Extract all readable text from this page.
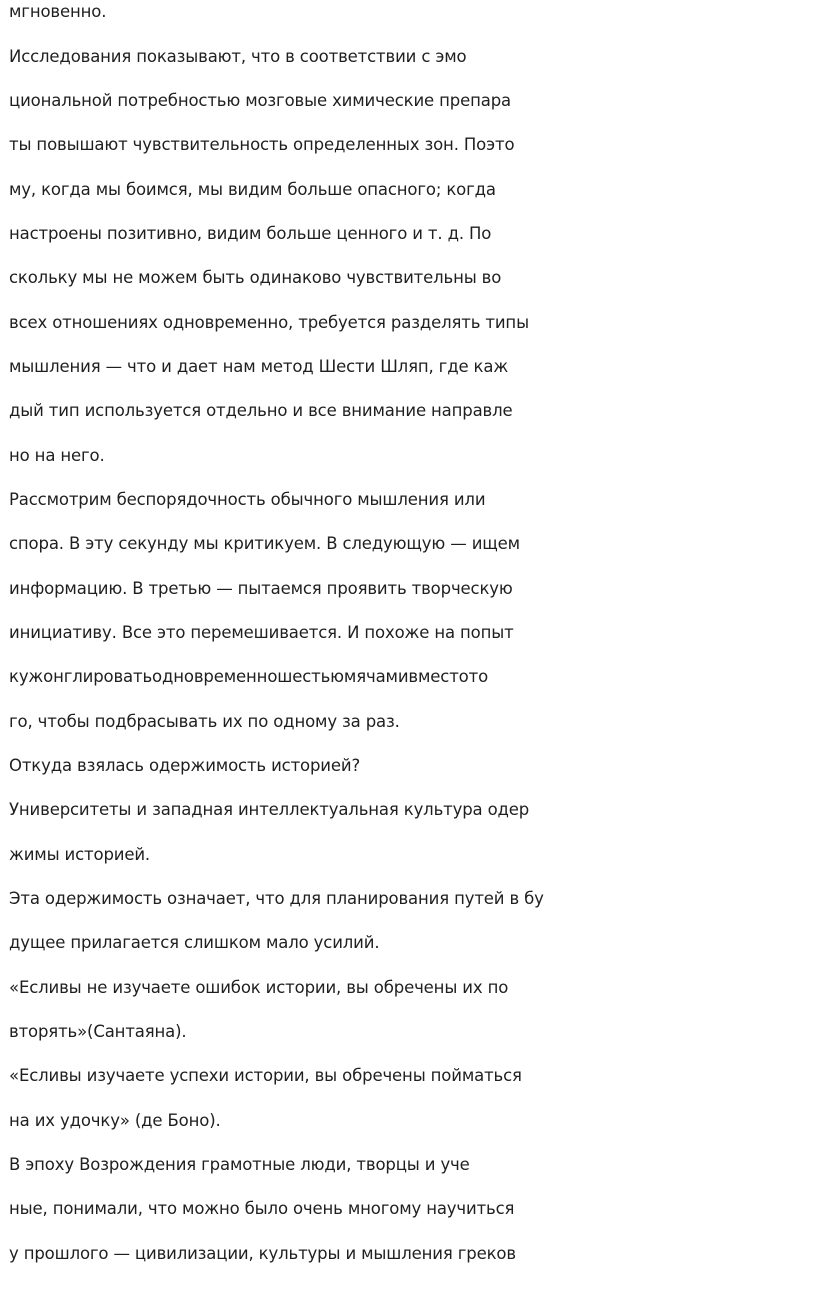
мгновенно.

Исследования показывают, что в соответствии с эмо

циональной потребностью мозговые химические препара

ты повышают чувствительность определенных зон. Поэто

му, когда мы боимся, мы видим больше опасного; когда

настроены позитивно, видим больше ценного и т. д. По

скольку мы не можем быть одинаково чувствительны во

всех отношениях одновременно, требуется разделять типы

мышления — что и дает нам метод Шести Шляп, где каж

дый тип используется отдельно и все внимание направле

но на него.

Рассмотрим беспорядочность обычного мышления или

спора. В эту секунду мы критикуем. В следующую — ищем

информацию. В третью — пытаемся проявить творческую

инициативу. Все это перемешивается. И похоже на попыт

кужонглироватьодновременношестьюмячамивместото

го, чтобы подбрасывать их по одному за раз.

Откуда взялась одержимость историей?

Университеты и западная интеллектуальная культура одер

жимы историей.

Эта одержимость означает, что для планирования путей в бу

дущее прилагается слишком мало усилий.

«Есливы не изучаете ошибок истории, вы обречены их по

вторять»(Сантаяна).

«Есливы изучаете успехи истории, вы обречены пойматься

на их удочку» (де Боно).

В эпоху Возрождения грамотные люди, творцы и уче

ные, понимали, что можно было очень многому научиться

у прошлого — цивилизации, культуры и мышления греков
